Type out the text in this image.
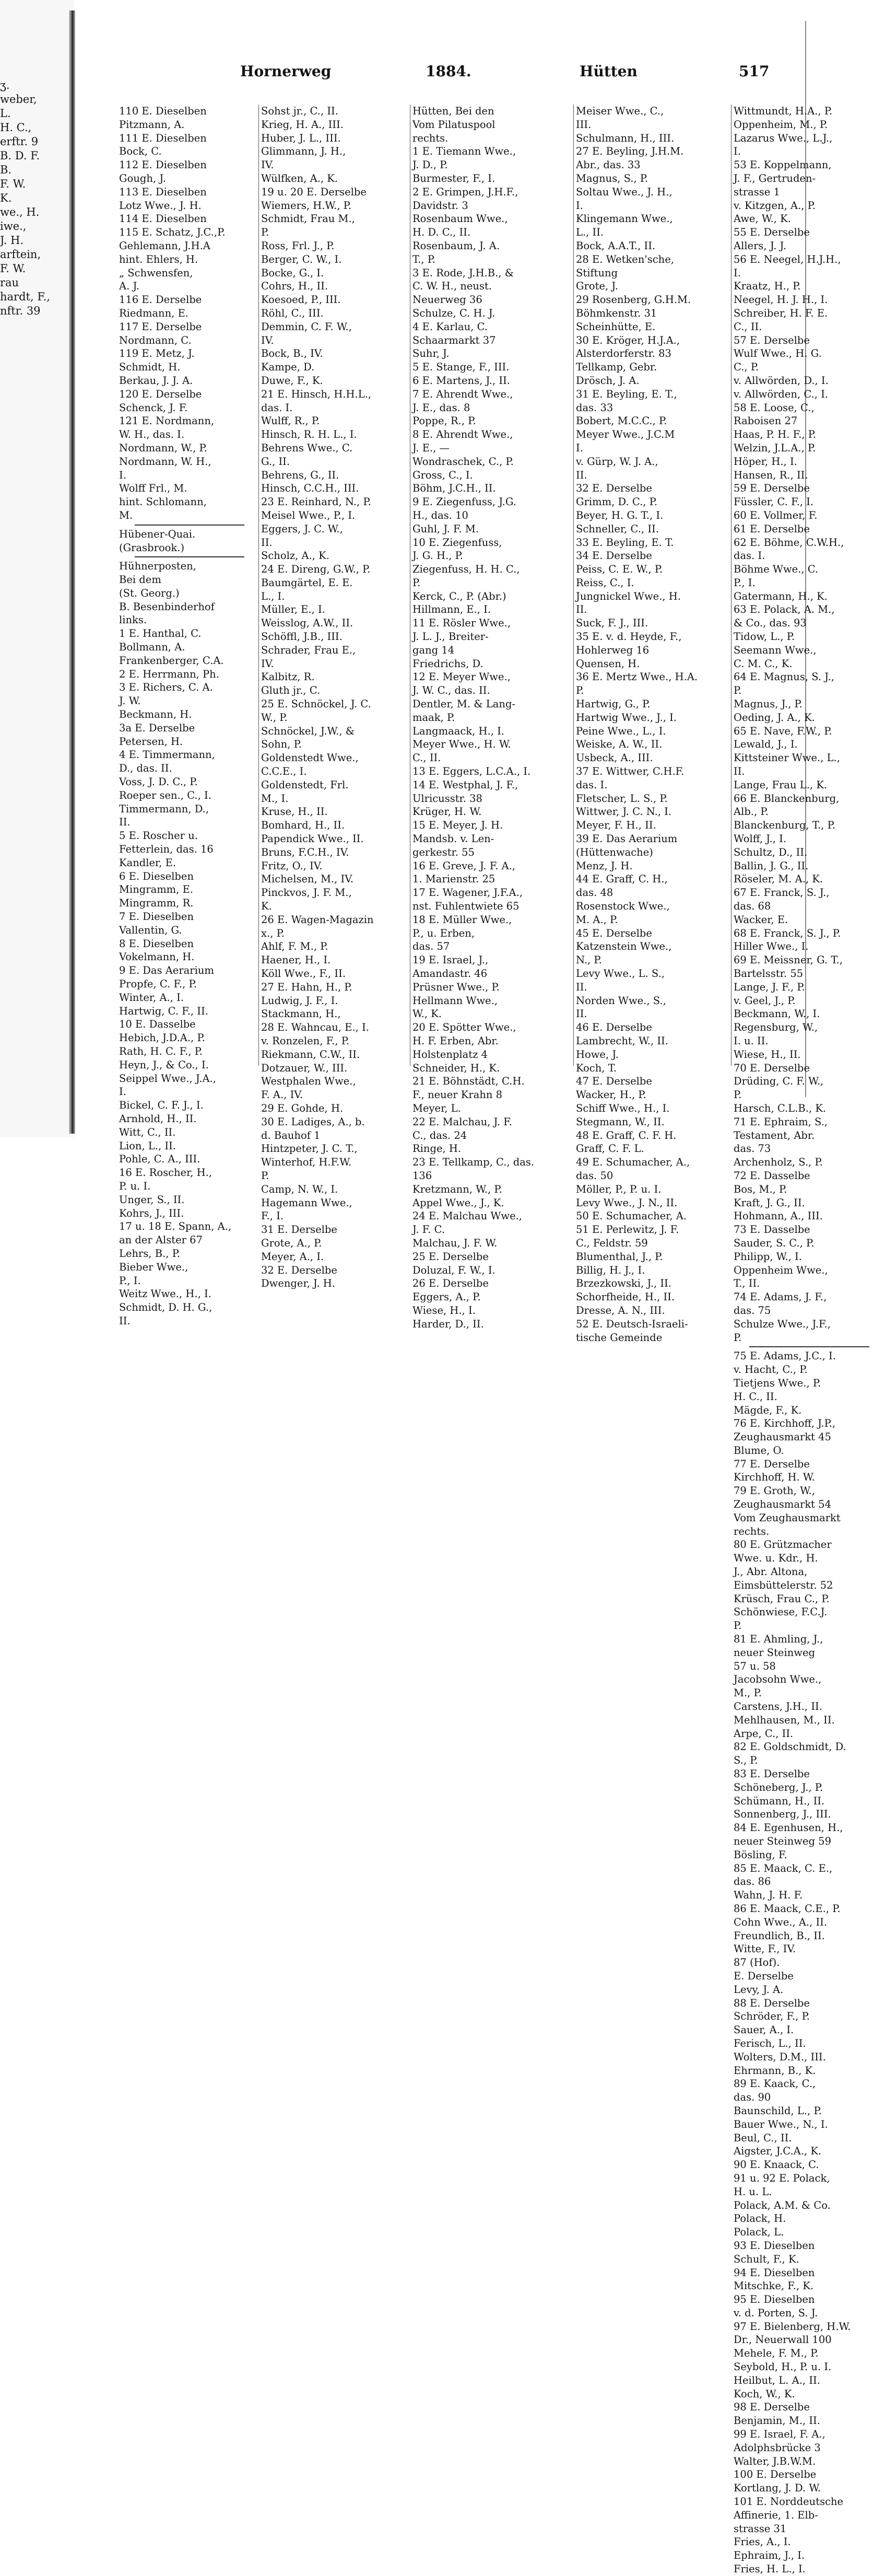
ʒ.
weber,
L.
H. C.,
erftr. 9
B. D. F.
B.
F. W.
K.
we., H.
iwe.,
J. H.
arftein,
F. W.
rau
hardt, F.,
nftr. 39
Hornerweg	1884.	Hütten	517
110 E. Dieselben
Pitzmann, A.
111 E. Dieselben
Bock, C.
112 E. Dieselben
Gough, J.
113 E. Dieselben
Lotz Wwe., J. H.
114 E. Dieselben
115 E. Schatz, J.C.,P.
Gehlemann, J.H.A
hint. Ehlers, H.
„ Schwensfen,
A. J.
116 E. Derselbe
Riedmann, E.
117 E. Derselbe
Nordmann, C.
119 E. Metz, J.
Schmidt, H.
Berkau, J. J. A.
120 E. Derselbe
Schenck, J. F.
121 E. Nordmann,
W. H., das. I.
Nordmann, W., P.
Nordmann, W. H.,
I.
Wolff Frl., M.
hint. Schlomann,
M.
Hübener-Quai.
(Grasbrook.)
Hühnerposten,
Bei dem
(St. Georg.)
B. Besenbinderhof
links.
1 E. Hanthal, C.
Bollmann, A.
Frankenberger, C.A.
2 E. Herrmann, Ph.
3 E. Richers, C. A.
J. W.
Beckmann, H.
3a E. Derselbe
Petersen, H.
4 E. Timmermann,
D., das. II.
Voss, J. D. C., P.
Roeper sen., C., I.
Timmermann, D.,
II.
5 E. Roscher u.
Fetterlein, das. 16
Kandler, E.
6 E. Dieselben
Mingramm, E.
Mingramm, R.
7 E. Dieselben
Vallentin, G.
8 E. Dieselben
Vokelmann, H.
9 E. Das Aerarium
Propfe, C. F., P.
Winter, A., I.
Hartwig, C. F., II.
10 E. Dasselbe
Hebich, J.D.A., P.
Rath, H. C. F., P.
Heyn, J., & Co., I.
Seippel Wwe., J.A.,
I.
Bickel, C. F. J., I.
Arnhold, H., II.
Witt, C., II.
Lion, L., II.
Pohle, C. A., III.
16 E. Roscher, H.,
P. u. I.
Unger, S., II.
Kohrs, J., III.
17 u. 18 E. Spann, A.,
an der Alster 67
Lehrs, B., P.
Bieber Wwe.,
P., I.
Weitz Wwe., H., I.
Schmidt, D. H. G.,
II.
Sohst jr., C., II.
Krieg, H. A., III.
Huber, J. L., III.
Glimmann, J. H.,
IV.
Wülfken, A., K.
19 u. 20 E. Derselbe
Wiemers, H.W., P.
Schmidt, Frau M.,
P.
Ross, Frl. J., P.
Berger, C. W., I.
Bocke, G., I.
Cohrs, H., II.
Koesoed, P., III.
Röhl, C., III.
Demmin, C. F. W.,
IV.
Bock, B., IV.
Kampe, D.
Duwe, F., K.
21 E. Hinsch, H.H.L.,
das. I.
Wulff, R., P.
Hinsch, R. H. L., I.
Behrens Wwe., C.
G., II.
Behrens, G., II.
Hinsch, C.C.H., III.
23 E. Reinhard, N., P.
Meisel Wwe., P., I.
Eggers, J. C. W.,
II.
Scholz, A., K.
24 E. Direng, G.W., P.
Baumgärtel, E. E.
L., I.
Müller, E., I.
Weisslog, A.W., II.
Schöffl, J.B., III.
Schrader, Frau E.,
IV.
Kalbitz, R.
Gluth jr., C.
25 E. Schnöckel, J. C.
W., P.
Schnöckel, J.W., &
Sohn, P.
Goldenstedt Wwe.,
C.C.E., I.
Goldenstedt, Frl.
M., I.
Kruse, H., II.
Bomhard, H., II.
Papendick Wwe., II.
Bruns, F.C.H., IV.
Fritz, O., IV.
Michelsen, M., IV.
Pinckvos, J. F. M.,
K.
26 E. Wagen-Magazin
x., P.
Ahlf, F. M., P.
Haener, H., I.
Köll Wwe., F., II.
27 E. Hahn, H., P.
Ludwig, J. F., I.
Stackmann, H.,
28 E. Wahncau, E., I.
v. Ronzelen, F., P.
Riekmann, C.W., II.
Dotzauer, W., III.
Westphalen Wwe.,
F. A., IV.
29 E. Gohde, H.
30 E. Ladiges, A., b.
d. Bauhof 1
Hintzpeter, J. C. T.,
Winterhof, H.F.W.
P.
Camp, N. W., I.
Hagemann Wwe.,
F., I.
31 E. Derselbe
Grote, A., P.
Meyer, A., I.
32 E. Derselbe
Dwenger, J. H.
Hütten, Bei den
Vom Pilatuspool
rechts.
1 E. Tiemann Wwe.,
J. D., P.
Burmester, F., I.
2 E. Grimpen, J.H.F.,
Davidstr. 3
Rosenbaum Wwe.,
H. D. C., II.
Rosenbaum, J. A.
T., P.
3 E. Rode, J.H.B., &
C. W. H., neust.
Neuerweg 36
Schulze, C. H. J.
4 E. Karlau, C.
Schaarmarkt 37
Suhr, J.
5 E. Stange, F., III.
6 E. Martens, J., II.
7 E. Ahrendt Wwe.,
J. E., das. 8
Poppe, R., P.
8 E. Ahrendt Wwe.,
J. E., —
Wondraschek, C., P.
Gross, C., I.
Böhm, J.C.H., II.
9 E. Ziegenfuss, J.G.
H., das. 10
Guhl, J. F. M.
10 E. Ziegenfuss,
J. G. H., P.
Ziegenfuss, H. H. C.,
P.
Kerck, C., P. (Abr.)
Hillmann, E., I.
11 E. Rösler Wwe.,
J. L. J., Breiter-
gang 14
Friedrichs, D.
12 E. Meyer Wwe.,
J. W. C., das. II.
Dentler, M. & Lang-
maak, P.
Langmaack, H., I.
Meyer Wwe., H. W.
C., II.
13 E. Eggers, L.C.A., I.
14 E. Westphal, J. F.,
Ulricusstr. 38
Krüger, H. W.
15 E. Meyer, J. H.
Mandsb. v. Len-
gerkestr. 55
16 E. Greve, J. F. A.,
1. Marienstr. 25
17 E. Wagener, J.F.A.,
nst. Fuhlentwiete 65
18 E. Müller Wwe.,
P., u. Erben,
das. 57
19 E. Israel, J.,
Amandastr. 46
Prüsner Wwe., P.
Hellmann Wwe.,
W., K.
20 E. Spötter Wwe.,
H. F. Erben, Abr.
Holstenplatz 4
Schneider, H., K.
21 E. Böhnstädt, C.H.
F., neuer Krahn 8
Meyer, L.
22 E. Malchau, J. F.
C., das. 24
Ringe, H.
23 E. Tellkamp, C., das.
136
Kretzmann, W., P.
Appel Wwe., J., K.
24 E. Malchau Wwe.,
J. F. C.
Malchau, J. F. W.
25 E. Derselbe
Doluzal, F. W., I.
26 E. Derselbe
Eggers, A., P.
Wiese, H., I.
Harder, D., II.
Meiser Wwe., C.,
III.
Schulmann, H., III.
27 E. Beyling, J.H.M.
Abr., das. 33
Magnus, S., P.
Soltau Wwe., J. H.,
I.
Klingemann Wwe.,
L., II.
Bock, A.A.T., II.
28 E. Wetken'sche,
Stiftung
Grote, J.
29 Rosenberg, G.H.M.
Böhmkenstr. 31
Scheinhütte, E.
30 E. Kröger, H.J.A.,
Alsterdorferstr. 83
Tellkamp, Gebr.
Drösch, J. A.
31 E. Beyling, E. T.,
das. 33
Bobert, M.C.C., P.
Meyer Wwe., J.C.M
I.
v. Gürp, W. J. A.,
II.
32 E. Derselbe
Grimm, D. C., P.
Beyer, H. G. T., I.
Schneller, C., II.
33 E. Beyling, E. T.
34 E. Derselbe
Peiss, C. E. W., P.
Reiss, C., I.
Jungnickel Wwe., H.
II.
Suck, F. J., III.
35 E. v. d. Heyde, F.,
Hohlerweg 16
Quensen, H.
36 E. Mertz Wwe., H.A.
P.
Hartwig, G., P.
Hartwig Wwe., J., I.
Peine Wwe., L., I.
Weiske, A. W., II.
Usbeck, A., III.
37 E. Wittwer, C.H.F.
das. I.
Fletscher, L. S., P.
Wittwer, J. C. N., I.
Meyer, F. H., II.
39 E. Das Aerarium
(Hüttenwache)
Menz, J. H.
44 E. Graff, C. H.,
das. 48
Rosenstock Wwe.,
M. A., P.
45 E. Derselbe
Katzenstein Wwe.,
N., P.
Levy Wwe., L. S.,
II.
Norden Wwe., S.,
II.
46 E. Derselbe
Lambrecht, W., II.
Howe, J.
Koch, T.
47 E. Derselbe
Wacker, H., P.
Schiff Wwe., H., I.
Stegmann, W., II.
48 E. Graff, C. F. H.
Graff, C. F. L.
49 E. Schumacher, A.,
das. 50
Möller, P., P. u. I.
Levy Wwe., J. N., II.
50 E. Schumacher, A.
51 E. Perlewitz, J. F.
C., Feldstr. 59
Blumenthal, J., P.
Billig, H. J., I.
Brzezkowski, J., II.
Schorfheide, H., II.
Dresse, A. N., III.
52 E. Deutsch-Israeli-
tische Gemeinde
Wittmundt, H.A., P.
Oppenheim, M., P.
Lazarus Wwe., L.J.,
I.
53 E. Koppelmann,
J. F., Gertruden-
strasse 1
v. Kitzgen, A., P.
Awe, W., K.
55 E. Derselbe
Allers, J. J.
56 E. Neegel, H.J.H.,
I.
Kraatz, H., P.
Neegel, H. J. H., I.
Schreiber, H. F. E.
C., II.
57 E. Derselbe
Wulf Wwe., H. G.
C., P.
v. Allwörden, D., I.
v. Allwörden, C., I.
58 E. Loose, C.,
Raboisen 27
Haas, P. H. F., P.
Welzin, J.L.A., P.
Höper, H., I.
Hansen, R., II.
59 E. Derselbe
Füssler, C. F., I.
60 E. Vollmer, F.
61 E. Derselbe
62 E. Böhme, C.W.H.,
das. I.
Böhme Wwe., C.
P., I.
Gatermann, H., K.
63 E. Polack, A. M.,
& Co., das. 93
Tidow, L., P.
Seemann Wwe.,
C. M. C., K.
64 E. Magnus, S. J.,
P.
Magnus, J., P.
Oeding, J. A., K.
65 E. Nave, F.W., P.
Lewald, J., I.
Kittsteiner Wwe., L.,
II.
Lange, Frau L., K.
66 E. Blanckenburg,
Alb., P.
Blanckenburg, T., P.
Wolff, J., I.
Schultz, D., II.
Ballin, J. G., II.
Röseler, M. A., K.
67 E. Franck, S. J.,
das. 68
Wacker, E.
68 E. Franck, S. J., P.
Hiller Wwe., I.
69 E. Meissner, G. T.,
Bartelsstr. 55
Lange, J. F., P.
v. Geel, J., P.
Beckmann, W., I.
Regensburg, W.,
I. u. II.
Wiese, H., II.
70 E. Derselbe
Drüding, C. F. W.,
P.
Harsch, C.L.B., K.
71 E. Ephraim, S.,
Testament, Abr.
das. 73
Archenholz, S., P.
72 E. Dasselbe
Bos, M., P.
Kraft, J. G., II.
Hohmann, A., III.
73 E. Dasselbe
Sauder, S. C., P.
Philipp, W., I.
Oppenheim Wwe.,
T., II.
74 E. Adams, J. F.,
das. 75
Schulze Wwe., J.F.,
P.
75 E. Adams, J.C., I.
v. Hacht, C., P.
Tietjens Wwe., P.
H. C., II.
Mägde, F., K.
76 E. Kirchhoff, J.P.,
Zeughausmarkt 45
Blume, O.
77 E. Derselbe
Kirchhoff, H. W.
79 E. Groth, W.,
Zeughausmarkt 54
Vom Zeughausmarkt
rechts.
80 E. Grützmacher
Wwe. u. Kdr., H.
J., Abr. Altona,
Eimsbüttelerstr. 52
Krüsch, Frau C., P.
Schönwiese, F.C.J.
P.
81 E. Ahmling, J.,
neuer Steinweg
57 u. 58
Jacobsohn Wwe.,
M., P.
Carstens, J.H., II.
Mehlhausen, M., II.
Arpe, C., II.
82 E. Goldschmidt, D.
S., P.
83 E. Derselbe
Schöneberg, J., P.
Schümann, H., II.
Sonnenberg, J., III.
84 E. Egenhusen, H.,
neuer Steinweg 59
Bösling, F.
85 E. Maack, C. E.,
das. 86
Wahn, J. H. F.
86 E. Maack, C.E., P.
Cohn Wwe., A., II.
Freundlich, B., II.
Witte, F., IV.
87 (Hof).
E. Derselbe
Levy, J. A.
88 E. Derselbe
Schröder, F., P.
Sauer, A., I.
Ferisch, L., II.
Wolters, D.M., III.
Ehrmann, B., K.
89 E. Kaack, C.,
das. 90
Baunschild, L., P.
Bauer Wwe., N., I.
Beul, C., II.
Aigster, J.C.A., K.
90 E. Knaack, C.
91 u. 92 E. Polack,
H. u. L.
Polack, A.M. & Co.
Polack, H.
Polack, L.
93 E. Dieselben
Schult, F., K.
94 E. Dieselben
Mitschke, F., K.
95 E. Dieselben
v. d. Porten, S. J.
97 E. Bielenberg, H.W.
Dr., Neuerwall 100
Mehele, F. M., P.
Seybold, H., P. u. I.
Heilbut, L. A., II.
Koch, W., K.
98 E. Derselbe
Benjamin, M., II.
99 E. Israel, F. A.,
Adolphsbrücke 3
Walter, J.B.W.M.
100 E. Derselbe
Kortlang, J. D. W.
101 E. Norddeutsche
Affinerie, 1. Elb-
strasse 31
Fries, A., I.
Ephraim, J., I.
Fries, H. L., I.
